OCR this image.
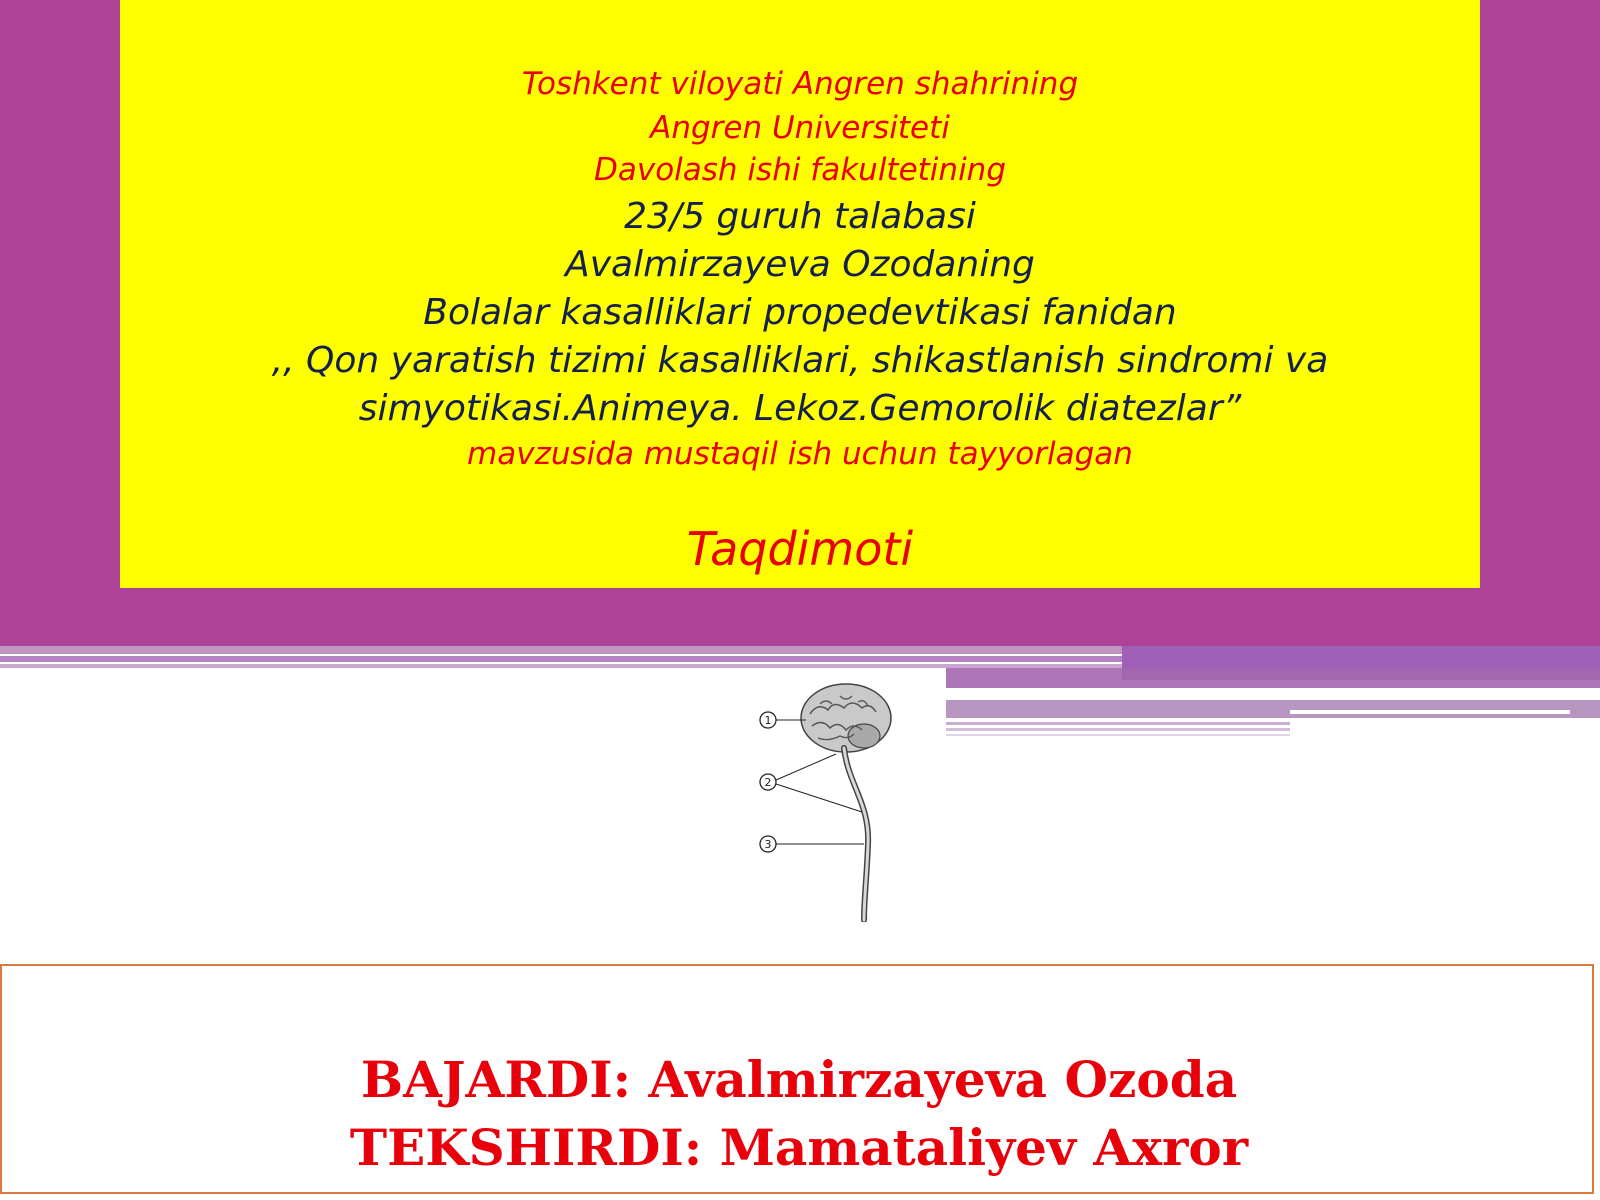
Toshkent viloyati Angren shahrining
Angren Universiteti
Davolash ishi fakultetining
23/5 guruh talabasi
Avalmirzayeva Ozodaning
Bolalar kasalliklari propedevtikasi fanidan
,, Qon yaratish tizimi kasalliklari, shikastlanish sindromi va
simyotikasi.Animeya. Lekoz.Gemorolik diatezlar”
mavzusida mustaqil ish uchun tayyorlagan
Taqdimoti
1
2
3
BAJARDI: Avalmirzayeva Ozoda
TEKSHIRDI: Mamataliyev Axror
